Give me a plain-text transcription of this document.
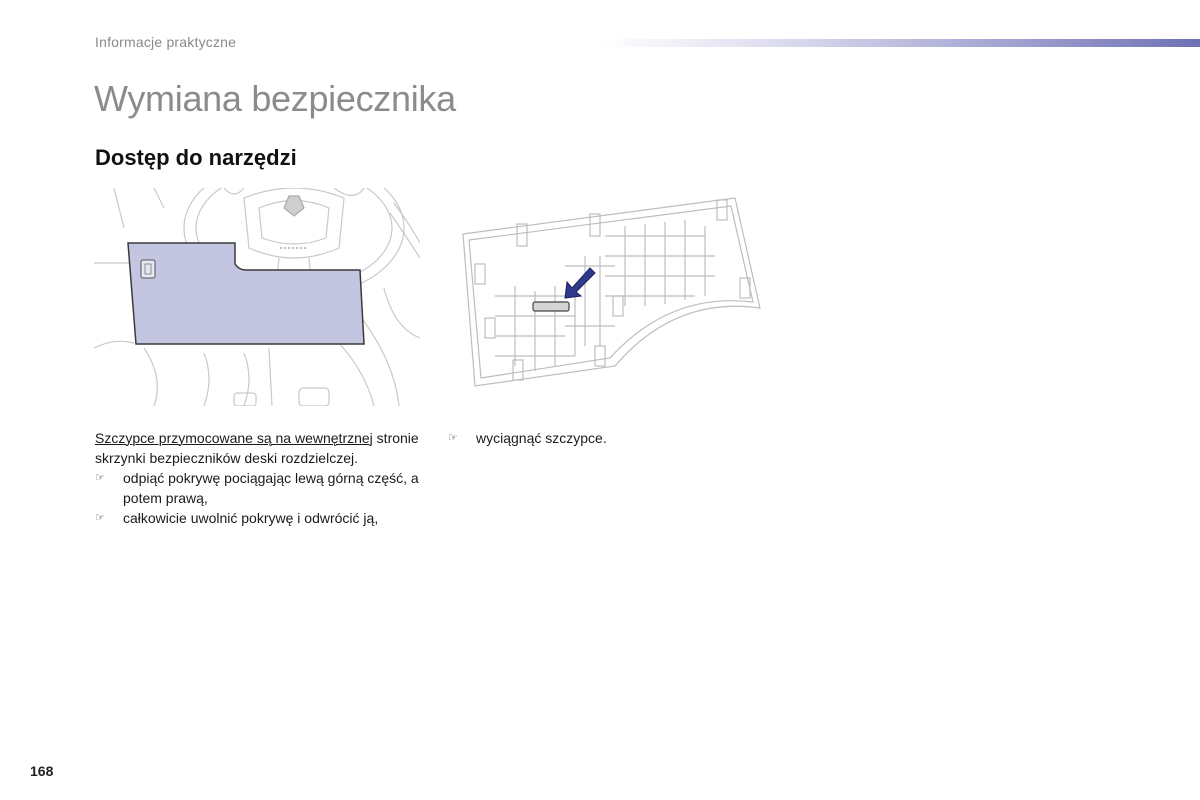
Informacje praktyczne
Wymiana bezpiecznika
Dostęp do narzędzi

Szczypce przymocowane są na wewnętrznej stronie skrzynki bezpieczników deski rozdzielczej.

☞	odpiąć pokrywę pociągając lewą górną część, a potem prawą,
☞	całkowicie uwolnić pokrywę i odwrócić ją,
☞	wyciągnąć szczypce.
168
